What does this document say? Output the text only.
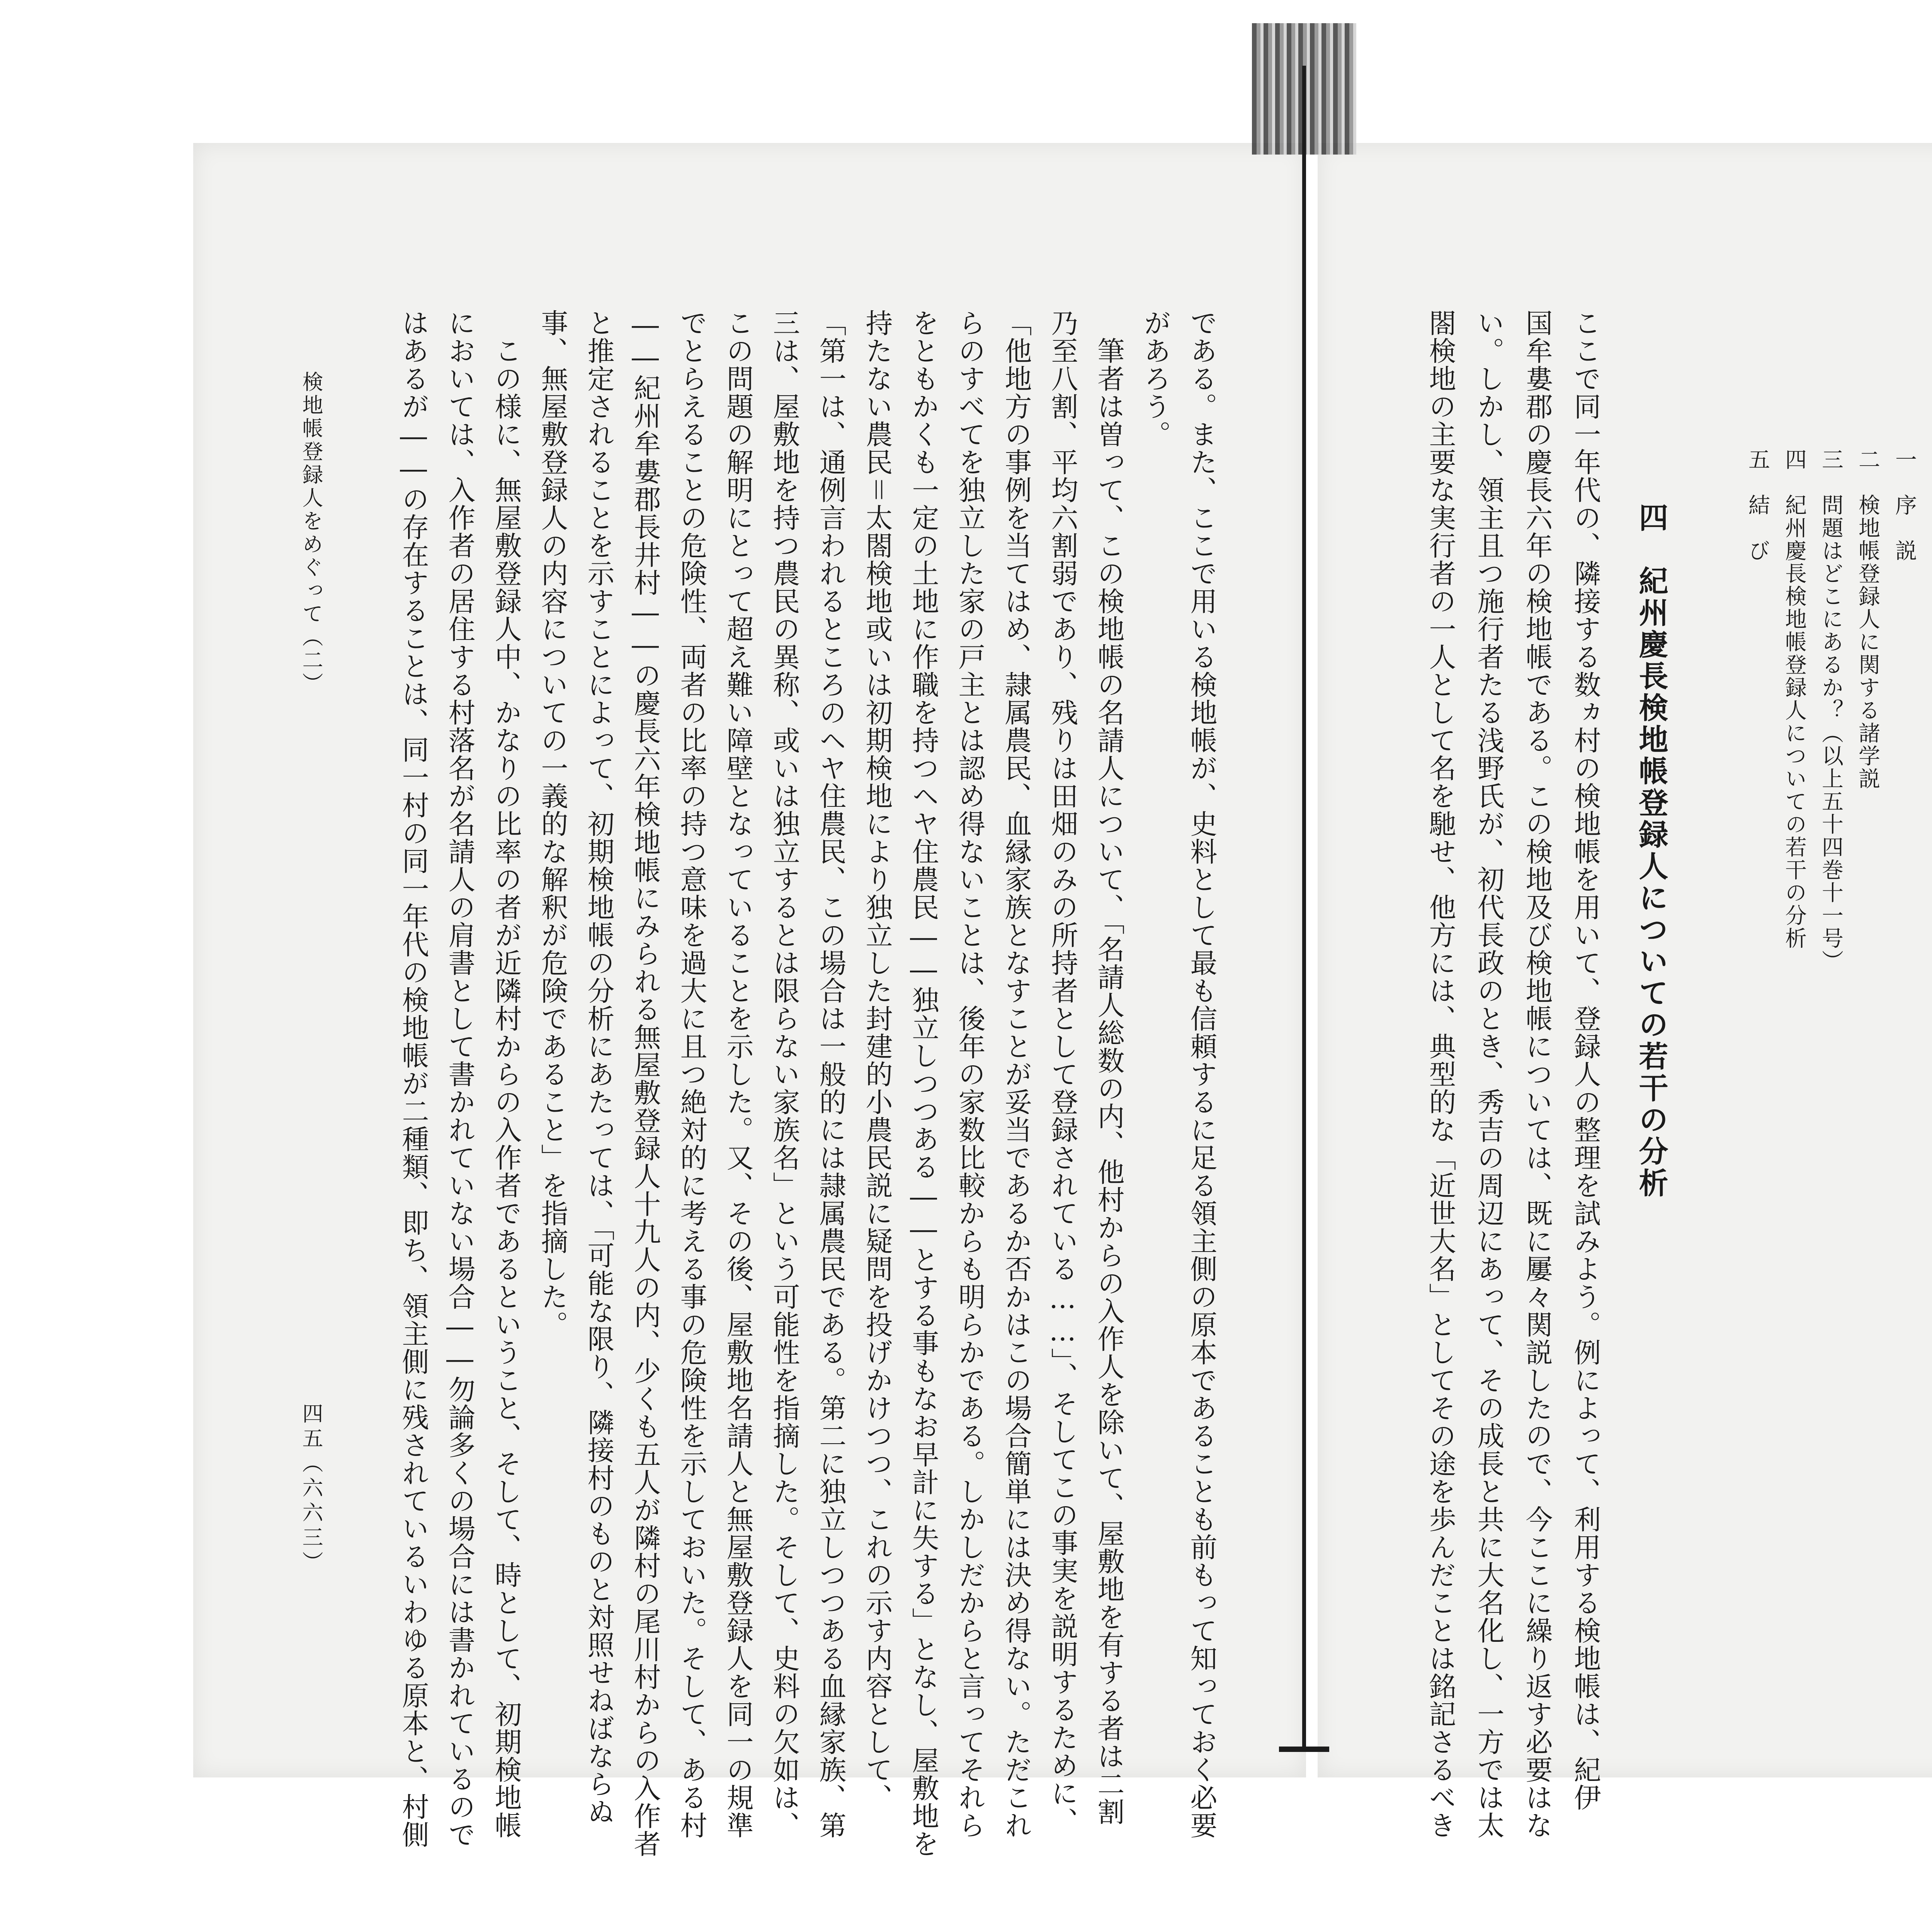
一　序　説
二　検地帳登録人に関する諸学説
三　問題はどこにあるか？（以上五十四巻十一号）
四　紀州慶長検地帳登録人についての若干の分析
五　結　び
四　紀州慶長検地帳登録人についての若干の分析
ここで同一年代の、隣接する数ヵ村の検地帳を用いて、登録人の整理を試みよう。例によって、利用する検地帳は、紀伊
国牟婁郡の慶長六年の検地帳である。この検地及び検地帳については、既に屢々関説したので、今ここに繰り返す必要はな
い。しかし、領主且つ施行者たる浅野氏が、初代長政のとき、秀吉の周辺にあって、その成長と共に大名化し、一方では太
閤検地の主要な実行者の一人として名を馳せ、他方には、典型的な「近世大名」としてその途を歩んだことは銘記さるべき
である。また、ここで用いる検地帳が、史料として最も信頼するに足る領主側の原本であることも前もって知っておく必要
があろう。
　筆者は曽って、この検地帳の名請人について、「名請人総数の内、他村からの入作人を除いて、屋敷地を有する者は二割
乃至八割、平均六割弱であり、残りは田畑のみの所持者として登録されている……」、そしてこの事実を説明するために、
「他地方の事例を当てはめ、隷属農民、血縁家族となすことが妥当であるか否かはこの場合簡単には決め得ない。ただこれ
らのすべてを独立した家の戸主とは認め得ないことは、後年の家数比較からも明らかである。しかしだからと言ってそれら
をともかくも一定の土地に作職を持つヘヤ住農民――独立しつつある――とする事もなお早計に失する」となし、屋敷地を
持たない農民＝太閤検地或いは初期検地により独立した封建的小農民説に疑問を投げかけつつ、これの示す内容として、
「第一は、通例言われるところのヘヤ住農民、この場合は一般的には隷属農民である。第二に独立しつつある血縁家族、第
三は、屋敷地を持つ農民の異称、或いは独立するとは限らない家族名」という可能性を指摘した。そして、史料の欠如は、
この問題の解明にとって超え難い障壁となっていることを示した。又、その後、屋敷地名請人と無屋敷登録人を同一の規準
でとらえることの危険性、両者の比率の持つ意味を過大に且つ絶対的に考える事の危険性を示しておいた。そして、ある村
――紀州牟婁郡長井村――の慶長六年検地帳にみられる無屋敷登録人十九人の内、少くも五人が隣村の尾川村からの入作者
と推定されることを示すことによって、初期検地帳の分析にあたっては、「可能な限り、隣接村のものと対照せねばならぬ
事、無屋敷登録人の内容についての一義的な解釈が危険であること」を指摘した。
　この様に、無屋敷登録人中、かなりの比率の者が近隣村からの入作者であるということ、そして、時として、初期検地帳
においては、入作者の居住する村落名が名請人の肩書として書かれていない場合――勿論多くの場合には書かれているので
はあるが――の存在することは、同一村の同一年代の検地帳が二種類、即ち、領主側に残されているいわゆる原本と、村側
検地帳登録人をめぐって（二）
四五（六六三）
